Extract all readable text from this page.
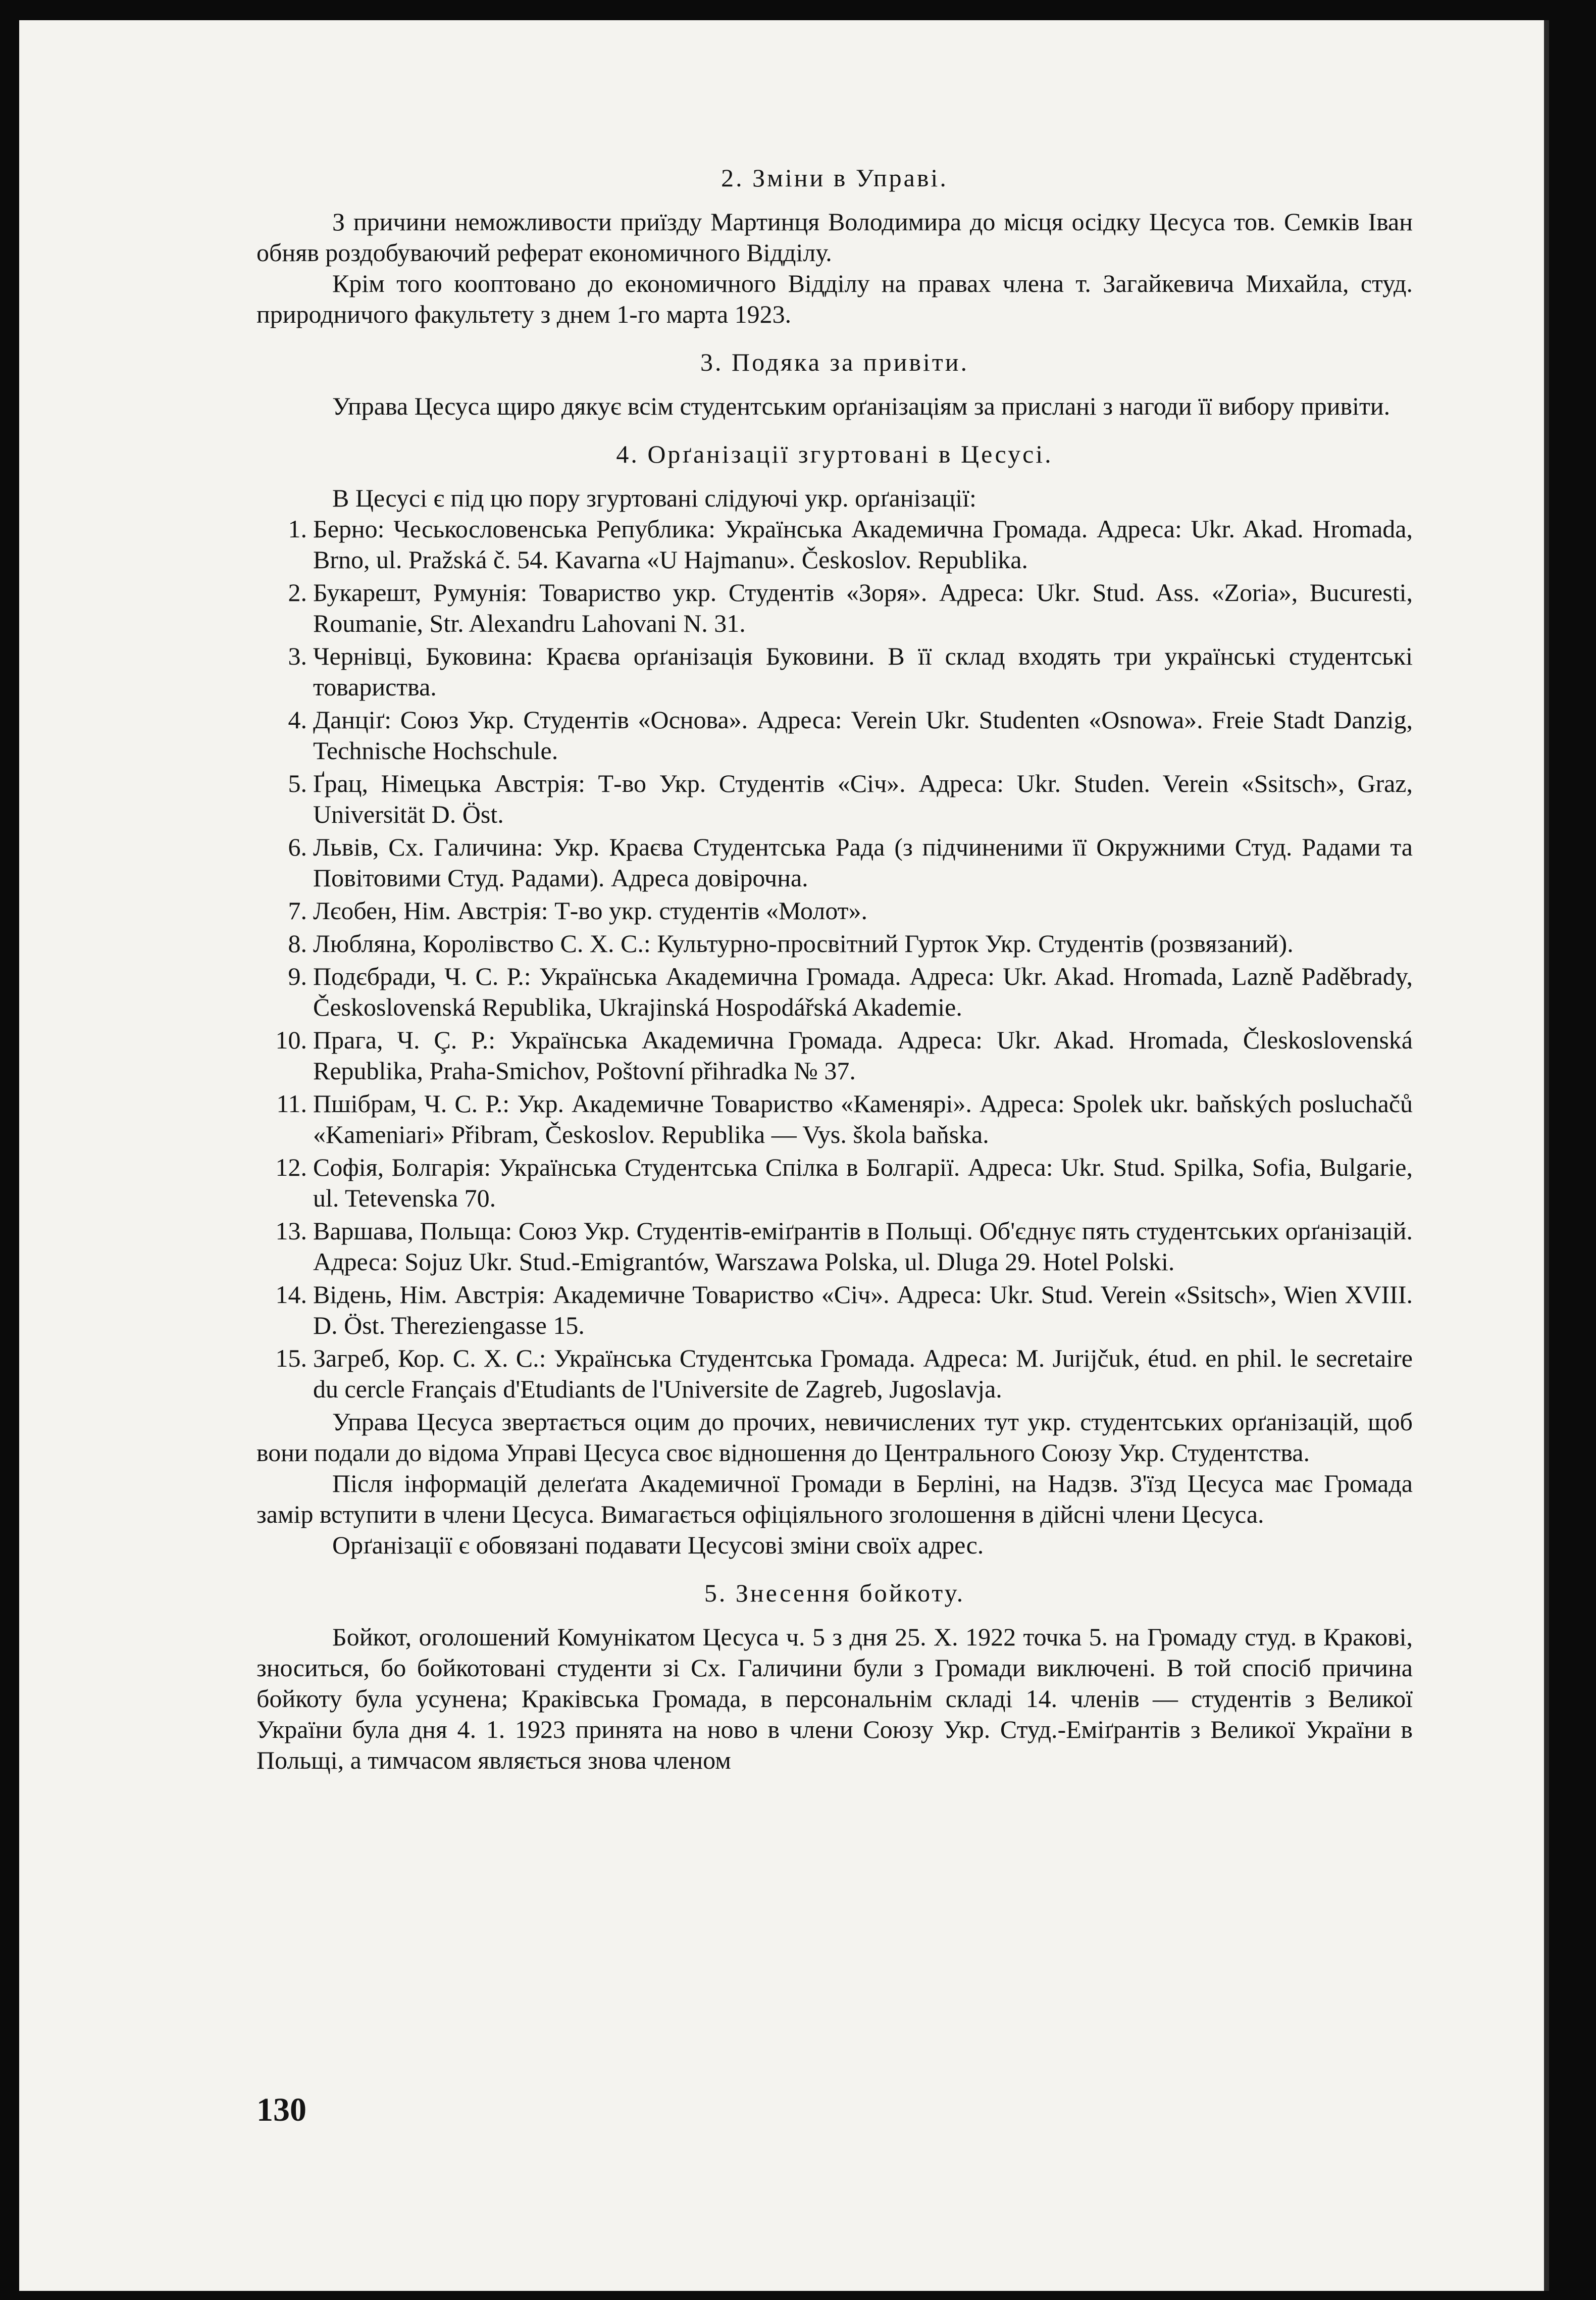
2. Зміни в Управі.

З причини неможливости приїзду Мартинця Володимира до місця осідку Цесуса тов. Семків Іван обняв роздобуваючий реферат економичного Відділу.

Крім того кооптовано до економичного Відділу на правах члена т. Загайкевича Михайла, студ. природничого факультету з днем 1-го марта 1923.

3. Подяка за привіти.

Управа Цесуса щиро дякує всім студентським орґанізаціям за прислані з нагоди її вибору привіти.

4. Орґанізації згуртовані в Цесусі.

В Цесусі є під цю пору згуртовані слідуючі укр. орґанізації:

1. Берно: Чеськословенська Република: Українська Академична Громада. Адреса: Ukr. Akad. Hromada, Brno, ul. Pražská č. 54. Kavarna «U Hajmanu». Českoslov. Republika.
2. Букарешт, Румунія: Товариство укр. Студентів «Зоря». Адреса: Ukr. Stud. Ass. «Zoria», Bucuresti, Roumanie, Str. Alexandru Lahovani N. 31.
3. Чернівці, Буковина: Краєва орґанізація Буковини. В її склад входять три українські студентські товариства.
4. Данціґ: Союз Укр. Студентів «Основа». Адреса: Verein Ukr. Studenten «Osnowa». Freie Stadt Danzig, Technische Hochschule.
5. Ґрац, Німецька Австрія: Т-во Укр. Студентів «Січ». Адреса: Ukr. Studen. Verein «Ssitsch», Graz, Universität D. Öst.
6. Львів, Сх. Галичина: Укр. Краєва Студентська Рада (з підчиненими її Окружними Студ. Радами та Повітовими Студ. Радами). Адреса довірочна.
7. Лєобен, Нім. Австрія: Т-во укр. студентів «Молот».
8. Люблянa, Королівство С. Х. С.: Культурно-просвітний Гурток Укр. Студентів (розвязаний).
9. Подєбради, Ч. С. Р.: Українська Академична Громада. Адреса: Ukr. Akad. Hromada, Lazně Paděbrady, Československá Republika, Ukrajinská Hospodářská Akademie.
10. Прага, Ч. Ç. Р.: Українська Академична Громада. Адреса: Ukr. Akad. Hromada, Čleskoslovenská Republika, Praha-Smichov, Poštovní přihradka № 37.
11. Пшібрам, Ч. С. Р.: Укр. Академичне Товариство «Каменярі». Адреса: Spolek ukr. baňských posluchačů «Kameniari» Přibram, Českoslov. Republika — Vys. škola baňska.
12. Софія, Болгарія: Українська Студентська Спілка в Болгарії. Адреса: Ukr. Stud. Spilka, Sofia, Bulgarie, ul. Tetevenska 70.
13. Варшава, Польща: Союз Укр. Студентів-еміґрантів в Польщі. Об'єднує пять студентських орґанізацій. Адреса: Sojuz Ukr. Stud.-Emigrantów, Warszawa Polska, ul. Dluga 29. Hotel Polski.
14. Відень, Нім. Австрія: Академичне Товариство «Січ». Адреса: Ukr. Stud. Verein «Ssitsch», Wien XVIII. D. Öst. Thereziengasse 15.
15. Загреб, Кор. С. Х. С.: Українська Студентська Громада. Адреса: M. Jurijčuk, étud. en phil. le secretaire du cercle Français d'Etudiants de l'Universite de Zagreb, Jugoslavja.

Управа Цесуса звертається оцим до прочих, невичислених тут укр. студентських орґанізацій, щоб вони подали до відома Управі Цесуса своє відношення до Центрального Союзу Укр. Студентства.

Після інформацій делеґата Академичної Громади в Берліні, на Надзв. З'їзд Цесуса має Громада замір вступити в члени Цесуса. Вимагається офіціяльного зголошення в дійсні члени Цесуса.

Орґанізації є обовязані подавати Цесусові зміни своїх адрес.

5. Знесення бойкоту.

Бойкот, оголошений Комунікатом Цесуса ч. 5 з дня 25. X. 1922 точка 5. на Громаду студ. в Кракові, зноситься, бо бойкотовані студенти зі Сх. Галичини були з Громади виключені. В той спосіб причина бойкоту була усунена; Краківська Громада, в персональнім складі 14. членів — студентів з Великої України була дня 4. 1. 1923 принята на ново в члени Союзу Укр. Студ.-Еміґрантів з Великої України в Польщі, а тимчасом являється знова членом

130
